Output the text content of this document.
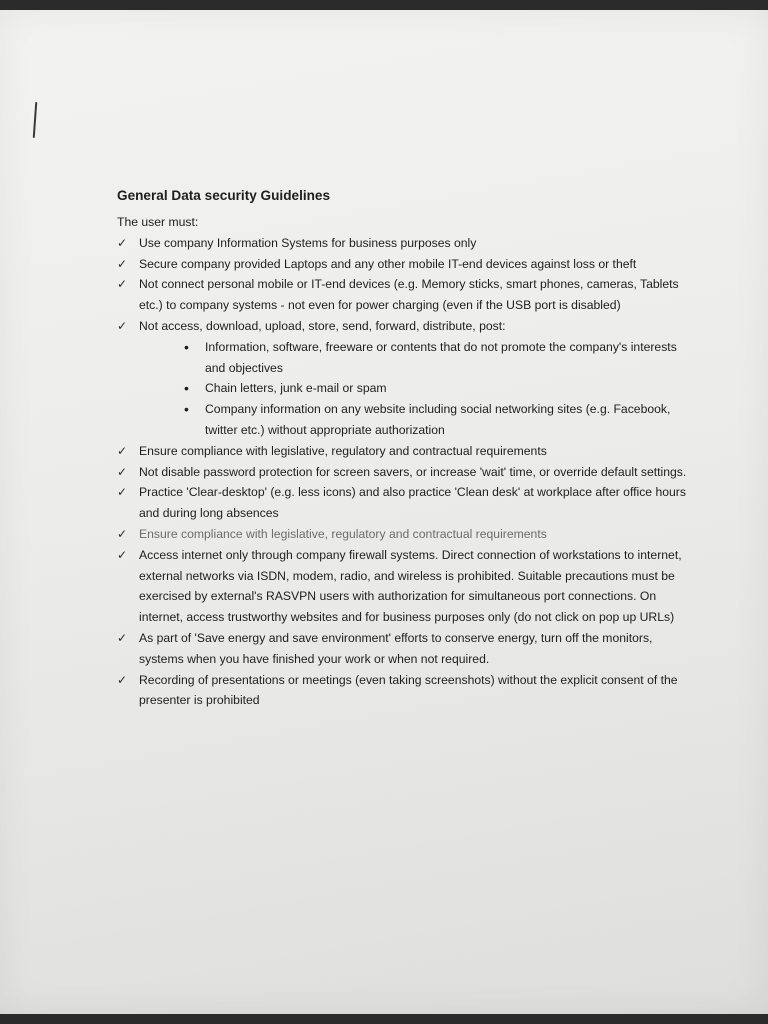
General Data security Guidelines
The user must:
✓ Use company Information Systems for business purposes only
✓ Secure company provided Laptops and any other mobile IT-end devices against loss or theft
✓ Not connect personal mobile or IT-end devices (e.g. Memory sticks, smart phones, cameras, Tablets etc.) to company systems - not even for power charging (even if the USB port is disabled)
✓ Not access, download, upload, store, send, forward, distribute, post:
• Information, software, freeware or contents that do not promote the company's interests and objectives
• Chain letters, junk e-mail or spam
• Company information on any website including social networking sites (e.g. Facebook, twitter etc.) without appropriate authorization
✓ Ensure compliance with legislative, regulatory and contractual requirements
✓ Not disable password protection for screen savers, or increase 'wait' time, or override default settings.
✓ Practice 'Clear-desktop' (e.g. less icons) and also practice 'Clean desk' at workplace after office hours and during long absences
✓ Ensure compliance with legislative, regulatory and contractual requirements
✓ Access internet only through company firewall systems. Direct connection of workstations to internet, external networks via ISDN, modem, radio, and wireless is prohibited. Suitable precautions must be exercised by external's RASVPN users with authorization for simultaneous port connections. On internet, access trustworthy websites and for business purposes only (do not click on pop up URLs)
✓ As part of 'Save energy and save environment' efforts to conserve energy, turn off the monitors, systems when you have finished your work or when not required.
✓ Recording of presentations or meetings (even taking screenshots) without the explicit consent of the presenter is prohibited
